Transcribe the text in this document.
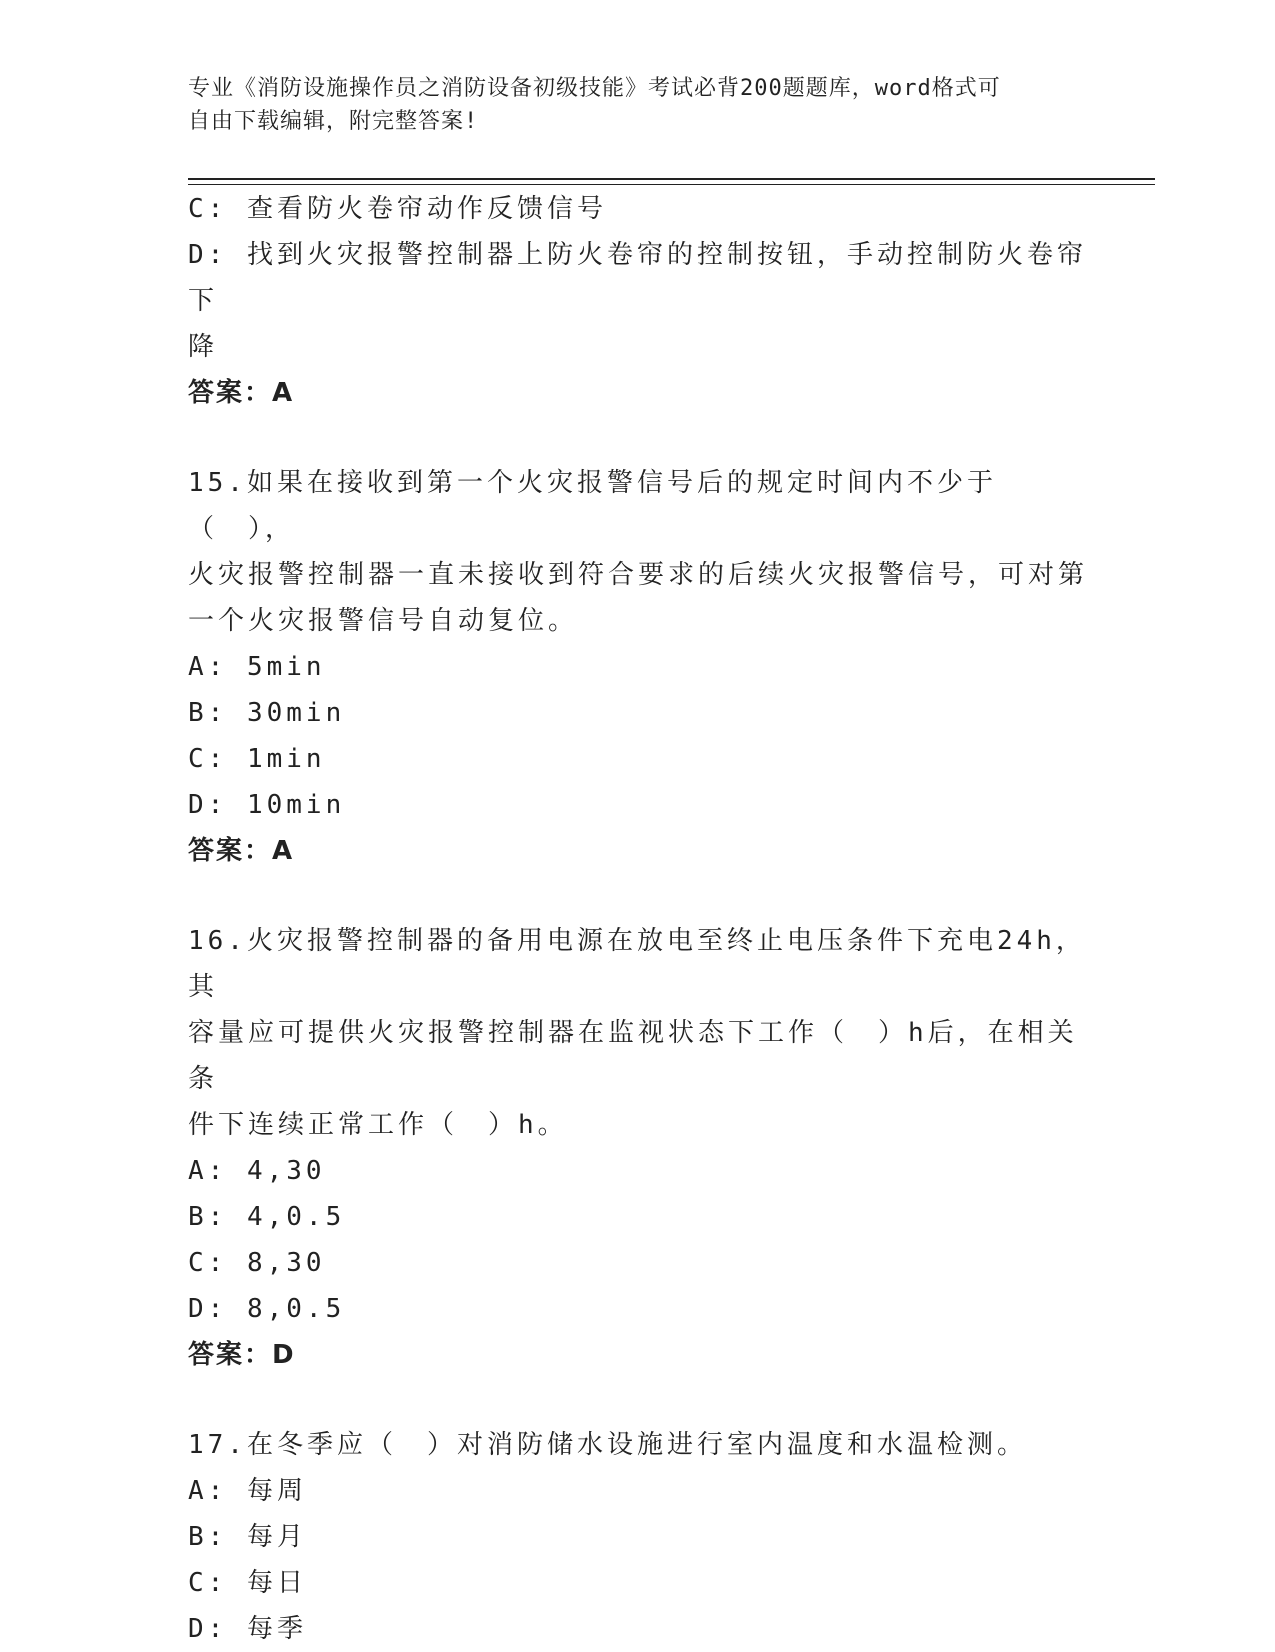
专业《消防设施操作员之消防设备初级技能》考试必背200题题库，word格式可
自由下载编辑，附完整答案!

C: 查看防火卷帘动作反馈信号

D: 找到火灾报警控制器上防火卷帘的控制按钮，手动控制防火卷帘下

降

答案：A

15.如果在接收到第一个火灾报警信号后的规定时间内不少于（　），

火灾报警控制器一直未接收到符合要求的后续火灾报警信号，可对第

一个火灾报警信号自动复位。

A: 5min

B: 30min

C: 1min

D: 10min

答案：A

16.火灾报警控制器的备用电源在放电至终止电压条件下充电24h，其

容量应可提供火灾报警控制器在监视状态下工作（　）h后，在相关条

件下连续正常工作（　）h。

A: 4,30

B: 4,0.5

C: 8,30

D: 8,0.5

答案：D

17.在冬季应（　）对消防储水设施进行室内温度和水温检测。

A: 每周

B: 每月

C: 每日

D: 每季
